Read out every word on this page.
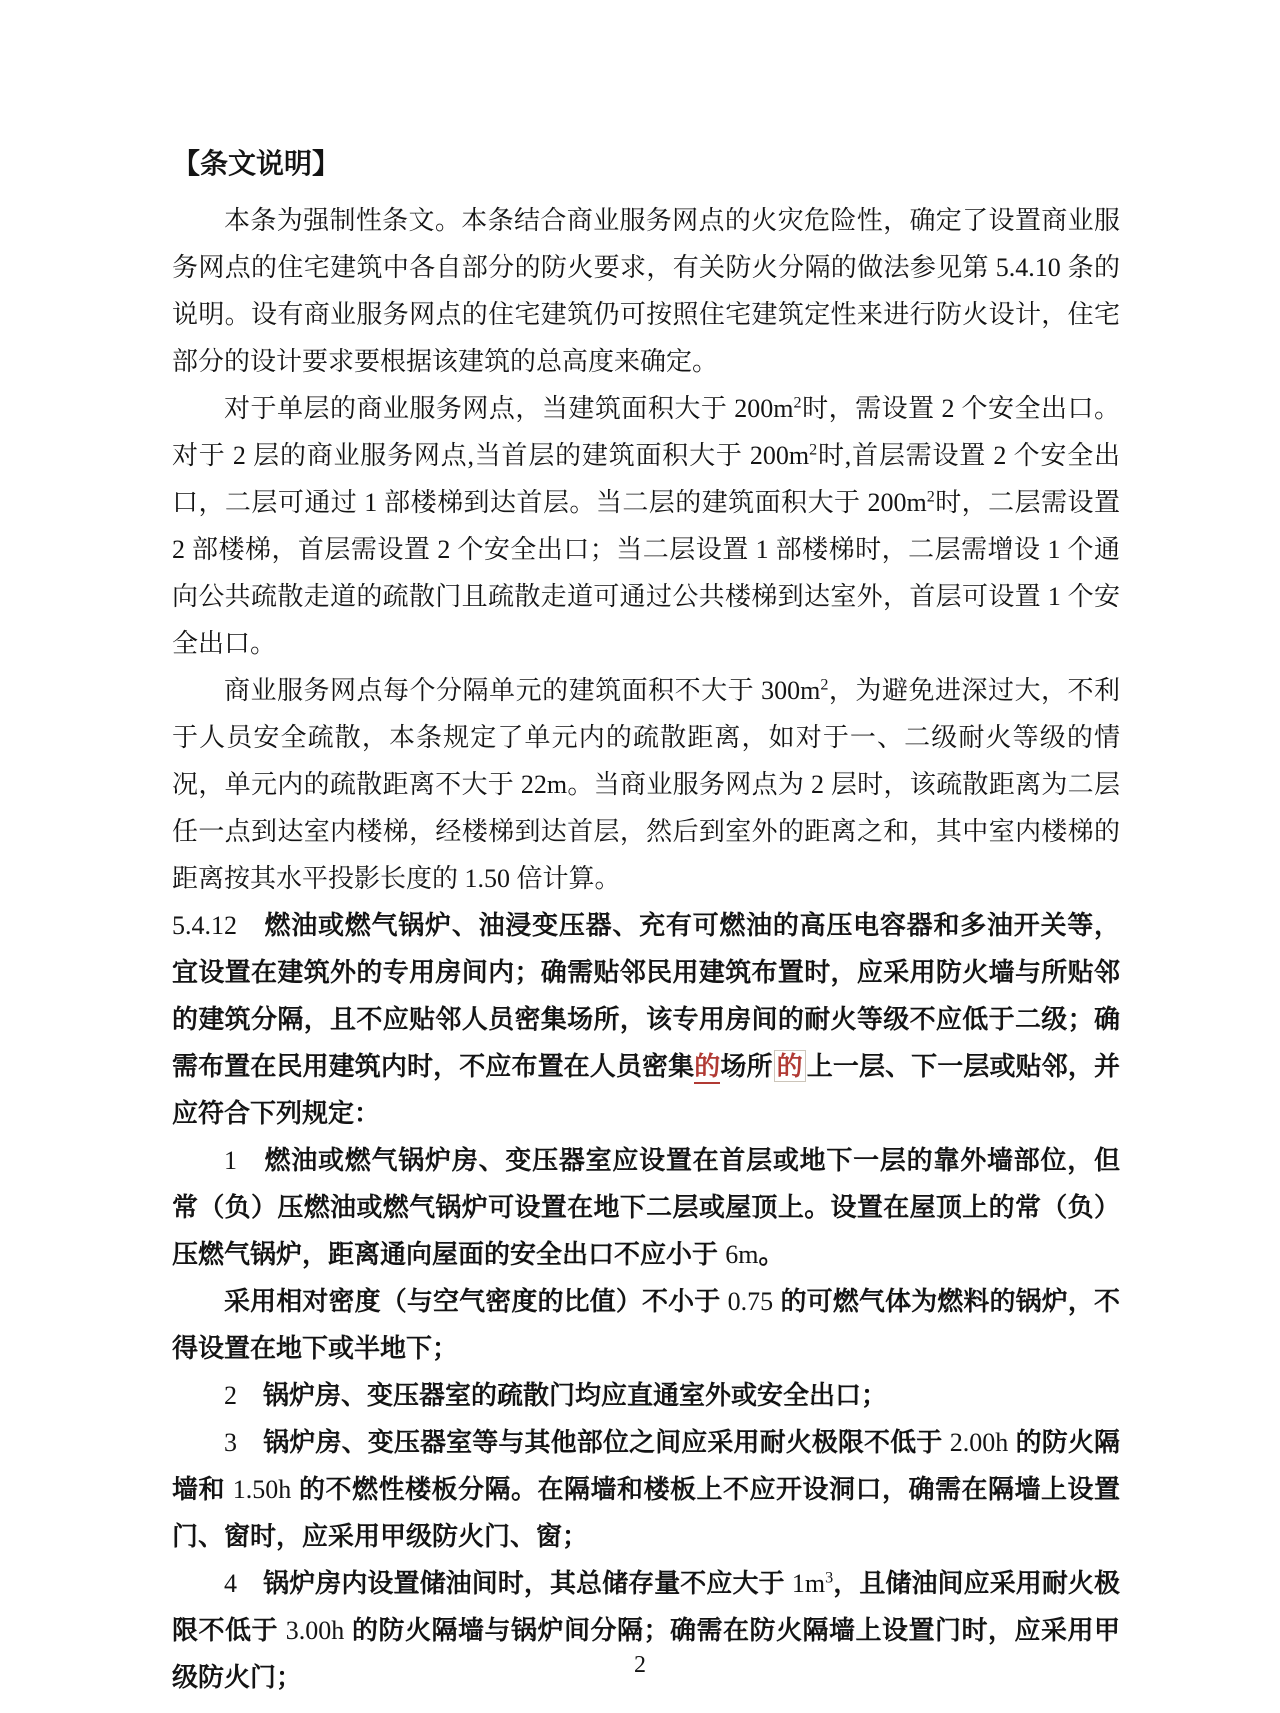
【条文说明】

本条为强制性条文。本条结合商业服务网点的火灾危险性，确定了设置商业服务网点的住宅建筑中各自部分的防火要求，有关防火分隔的做法参见第 5.4.10 条的说明。设有商业服务网点的住宅建筑仍可按照住宅建筑定性来进行防火设计，住宅部分的设计要求要根据该建筑的总高度来确定。

对于单层的商业服务网点，当建筑面积大于 $200m^2$时，需设置 2 个安全出口。对于 2 层的商业服务网点,当首层的建筑面积大于 $200m^2$时,首层需设置 2 个安全出口，二层可通过 1 部楼梯到达首层。当二层的建筑面积大于 $200m^2$时，二层需设置 2 部楼梯，首层需设置 2 个安全出口；当二层设置 1 部楼梯时，二层需增设 1 个通向公共疏散走道的疏散门且疏散走道可通过公共楼梯到达室外，首层可设置 1 个安全出口。

商业服务网点每个分隔单元的建筑面积不大于 $300m^2$，为避免进深过大，不利于人员安全疏散，本条规定了单元内的疏散距离，如对于一、二级耐火等级的情况，单元内的疏散距离不大于 22m。当商业服务网点为 2 层时，该疏散距离为二层任一点到达室内楼梯，经楼梯到达首层，然后到室外的距离之和，其中室内楼梯的距离按其水平投影长度的 1.50 倍计算。

5.4.12　燃油或燃气锅炉、油浸变压器、充有可燃油的高压电容器和多油开关等，宜设置在建筑外的专用房间内；确需贴邻民用建筑布置时，应采用防火墙与所贴邻的建筑分隔，且不应贴邻人员密集场所，该专用房间的耐火等级不应低于二级；确需布置在民用建筑内时，不应布置在人员密集的场所 的 上一层、下一层或贴邻，并应符合下列规定：

1　燃油或燃气锅炉房、变压器室应设置在首层或地下一层的靠外墙部位，但常（负）压燃油或燃气锅炉可设置在地下二层或屋顶上。设置在屋顶上的常（负）压燃气锅炉，距离通向屋面的安全出口不应小于 6m。

采用相对密度（与空气密度的比值）不小于 0.75 的可燃气体为燃料的锅炉，不得设置在地下或半地下；

2　锅炉房、变压器室的疏散门均应直通室外或安全出口；

3　锅炉房、变压器室等与其他部位之间应采用耐火极限不低于 2.00h 的防火隔墙和 1.50h 的不燃性楼板分隔。在隔墙和楼板上不应开设洞口，确需在隔墙上设置门、窗时，应采用甲级防火门、窗；

4　锅炉房内设置储油间时，其总储存量不应大于 $1m^3$，且储油间应采用耐火极限不低于 3.00h 的防火隔墙与锅炉间分隔；确需在防火隔墙上设置门时，应采用甲级防火门；	2
